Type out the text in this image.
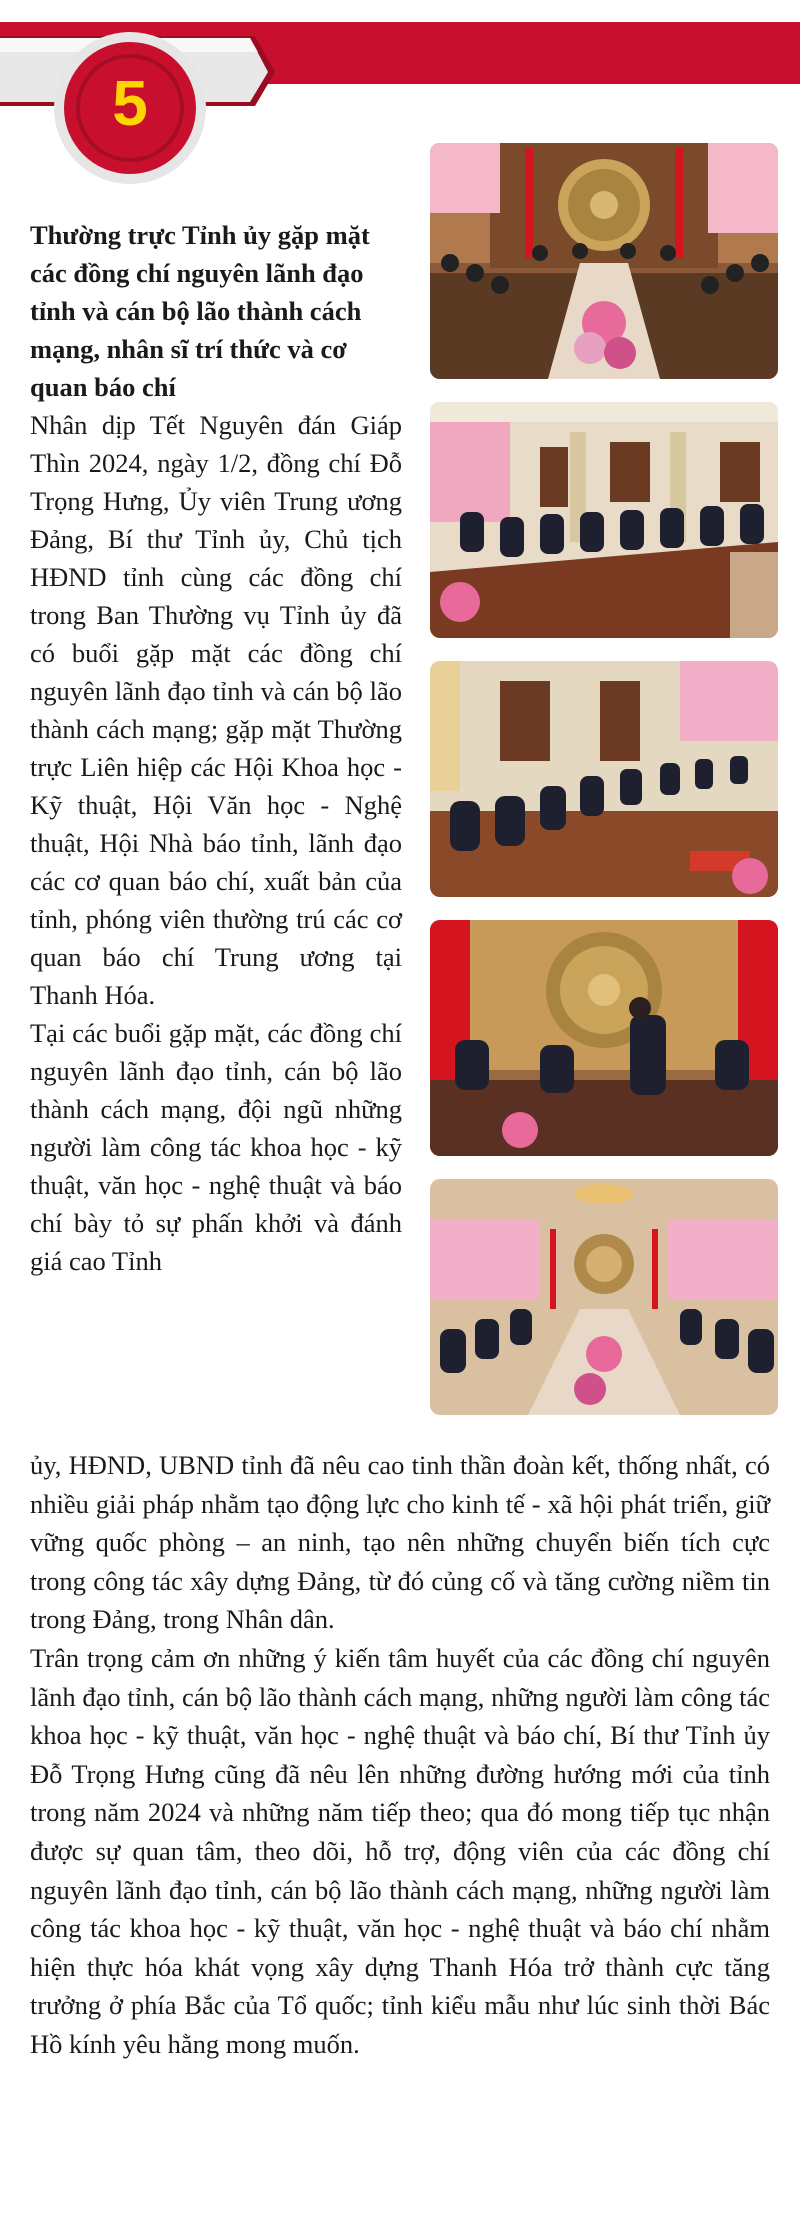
5

Thường trực Tỉnh ủy gặp mặt các đồng chí nguyên lãnh đạo tỉnh và cán bộ lão thành cách mạng, nhân sĩ trí thức và cơ quan báo chí

Nhân dịp Tết Nguyên đán Giáp Thìn 2024, ngày 1/2, đồng chí Đỗ Trọng Hưng, Ủy viên Trung ương Đảng, Bí thư Tỉnh ủy, Chủ tịch HĐND tỉnh cùng các đồng chí trong Ban Thường vụ Tỉnh ủy đã có buổi gặp mặt các đồng chí nguyên lãnh đạo tỉnh và cán bộ lão thành cách mạng; gặp mặt Thường trực Liên hiệp các Hội Khoa học - Kỹ thuật, Hội Văn học - Nghệ thuật, Hội Nhà báo tỉnh, lãnh đạo các cơ quan báo chí, xuất bản của tỉnh, phóng viên thường trú các cơ quan báo chí Trung ương tại Thanh Hóa.

Tại các buổi gặp mặt, các đồng chí nguyên lãnh đạo tỉnh, cán bộ lão thành cách mạng, đội ngũ những người làm công tác khoa học - kỹ thuật, văn học - nghệ thuật và báo chí bày tỏ sự phấn khởi và đánh giá cao Tỉnh

ủy, HĐND, UBND tỉnh đã nêu cao tinh thần đoàn kết, thống nhất, có nhiều giải pháp nhằm tạo động lực cho kinh tế - xã hội phát triển, giữ vững quốc phòng – an ninh, tạo nên những chuyển biến tích cực trong công tác xây dựng Đảng, từ đó củng cố và tăng cường niềm tin trong Đảng, trong Nhân dân.

Trân trọng cảm ơn những ý kiến tâm huyết của các đồng chí nguyên lãnh đạo tỉnh, cán bộ lão thành cách mạng, những người làm công tác khoa học - kỹ thuật, văn học - nghệ thuật và báo chí, Bí thư Tỉnh ủy Đỗ Trọng Hưng cũng đã nêu lên những đường hướng mới của tỉnh trong năm 2024 và những năm tiếp theo; qua đó mong tiếp tục nhận được sự quan tâm, theo dõi, hỗ trợ, động viên của các đồng chí nguyên lãnh đạo tỉnh, cán bộ lão thành cách mạng, những người làm công tác khoa học - kỹ thuật, văn học - nghệ thuật và báo chí nhằm hiện thực hóa khát vọng xây dựng Thanh Hóa trở thành cực tăng trưởng ở phía Bắc của Tổ quốc; tỉnh kiểu mẫu như lúc sinh thời Bác Hồ kính yêu hằng mong muốn.
